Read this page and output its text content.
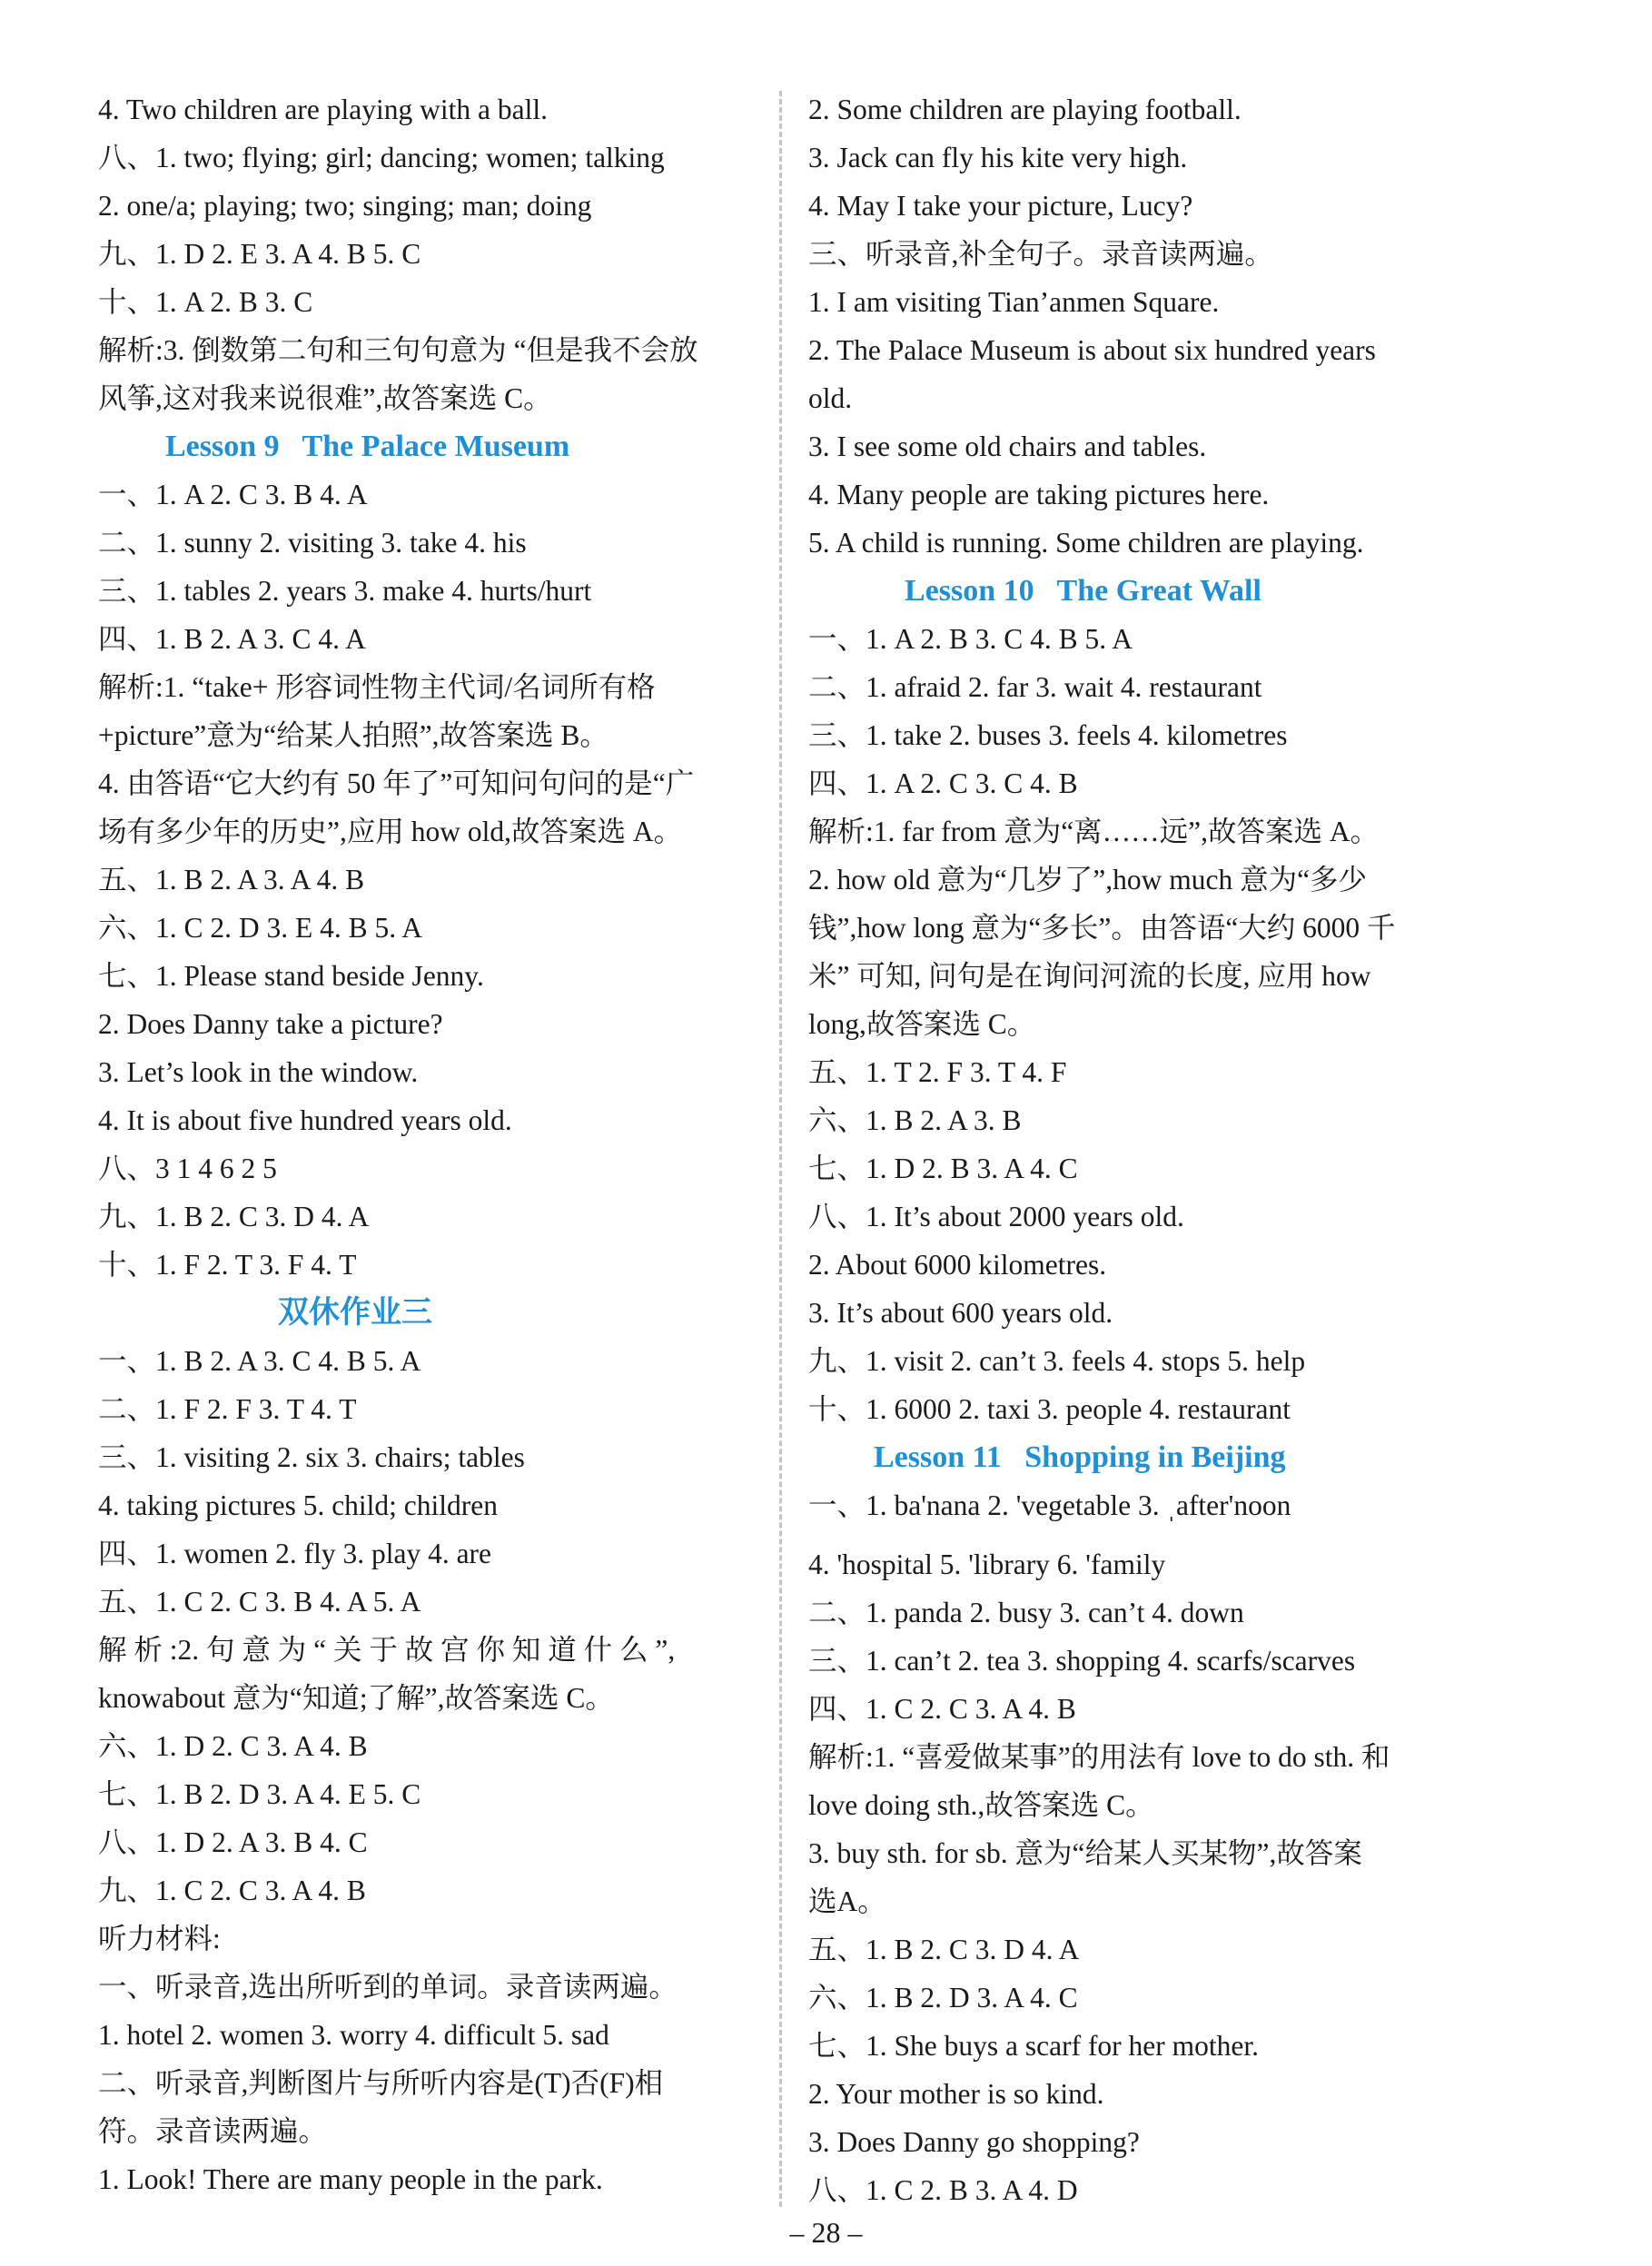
4. Two children are playing with a ball.
八、1. two; flying; girl; dancing; women; talking
2. one/a; playing; two; singing; man; doing
九、1. D 2. E 3. A 4. B 5. C
十、1. A 2. B 3. C
解析:3. 倒数第二句和三句句意为 “但是我不会放
风筝,这对我来说很难”,故答案选 C。
Lesson 9   The Palace Museum
一、1. A 2. C 3. B 4. A
二、1. sunny 2. visiting 3. take 4. his
三、1. tables 2. years 3. make 4. hurts/hurt
四、1. B 2. A 3. C 4. A
解析:1. “take+ 形容词性物主代词/名词所有格
+picture”意为“给某人拍照”,故答案选 B。
4. 由答语“它大约有 50 年了”可知问句问的是“广
场有多少年的历史”,应用 how old,故答案选 A。
五、1. B 2. A 3. A 4. B
六、1. C 2. D 3. E 4. B 5. A
七、1. Please stand beside Jenny.
2. Does Danny take a picture?
3. Let’s look in the window.
4. It is about five hundred years old.
八、3 1 4 6 2 5
九、1. B 2. C 3. D 4. A
十、1. F 2. T 3. F 4. T
双休作业三
一、1. B 2. A 3. C 4. B 5. A
二、1. F 2. F 3. T 4. T
三、1. visiting 2. six 3. chairs; tables
4. taking pictures 5. child; children
四、1. women 2. fly 3. play 4. are
五、1. C 2. C 3. B 4. A 5. A
解 析 :2. 句 意 为 “ 关 于 故 宫 你 知 道 什 么 ”,
knowabout 意为“知道;了解”,故答案选 C。
六、1. D 2. C 3. A 4. B
七、1. B 2. D 3. A 4. E 5. C
八、1. D 2. A 3. B 4. C
九、1. C 2. C 3. A 4. B
听力材料:
一、听录音,选出所听到的单词。录音读两遍。
1. hotel 2. women 3. worry 4. difficult 5. sad
二、听录音,判断图片与所听内容是(T)否(F)相
符。录音读两遍。
1. Look! There are many people in the park.
2. Some children are playing football.
3. Jack can fly his kite very high.
4. May I take your picture, Lucy?
三、听录音,补全句子。录音读两遍。
1. I am visiting Tian’anmen Square.
2. The Palace Museum is about six hundred years
old.
3. I see some old chairs and tables.
4. Many people are taking pictures here.
5. A child is running. Some children are playing.
Lesson 10   The Great Wall
一、1. A 2. B 3. C 4. B 5. A
二、1. afraid 2. far 3. wait 4. restaurant
三、1. take 2. buses 3. feels 4. kilometres
四、1. A 2. C 3. C 4. B
解析:1. far from 意为“离……远”,故答案选 A。
2. how old 意为“几岁了”,how much 意为“多少
钱”,how long 意为“多长”。由答语“大约 6000 千
米” 可知, 问句是在询问河流的长度, 应用 how
long,故答案选 C。
五、1. T 2. F 3. T 4. F
六、1. B 2. A 3. B
七、1. D 2. B 3. A 4. C
八、1. It’s about 2000 years old.
2. About 6000 kilometres.
3. It’s about 600 years old.
九、1. visit 2. can’t 3. feels 4. stops 5. help
十、1. 6000 2. taxi 3. people 4. restaurant
Lesson 11   Shopping in Beijing
一、1. ba'nana 2. 'vegetable 3. ˌafter'noon
4. 'hospital 5. 'library 6. 'family
二、1. panda 2. busy 3. can’t 4. down
三、1. can’t 2. tea 3. shopping 4. scarfs/scarves
四、1. C 2. C 3. A 4. B
解析:1. “喜爱做某事”的用法有 love to do sth. 和
love doing sth.,故答案选 C。
3. buy sth. for sb. 意为“给某人买某物”,故答案
选A。
五、1. B 2. C 3. D 4. A
六、1. B 2. D 3. A 4. C
七、1. She buys a scarf for her mother.
2. Your mother is so kind.
3. Does Danny go shopping?
八、1. C 2. B 3. A 4. D
– 28 –
